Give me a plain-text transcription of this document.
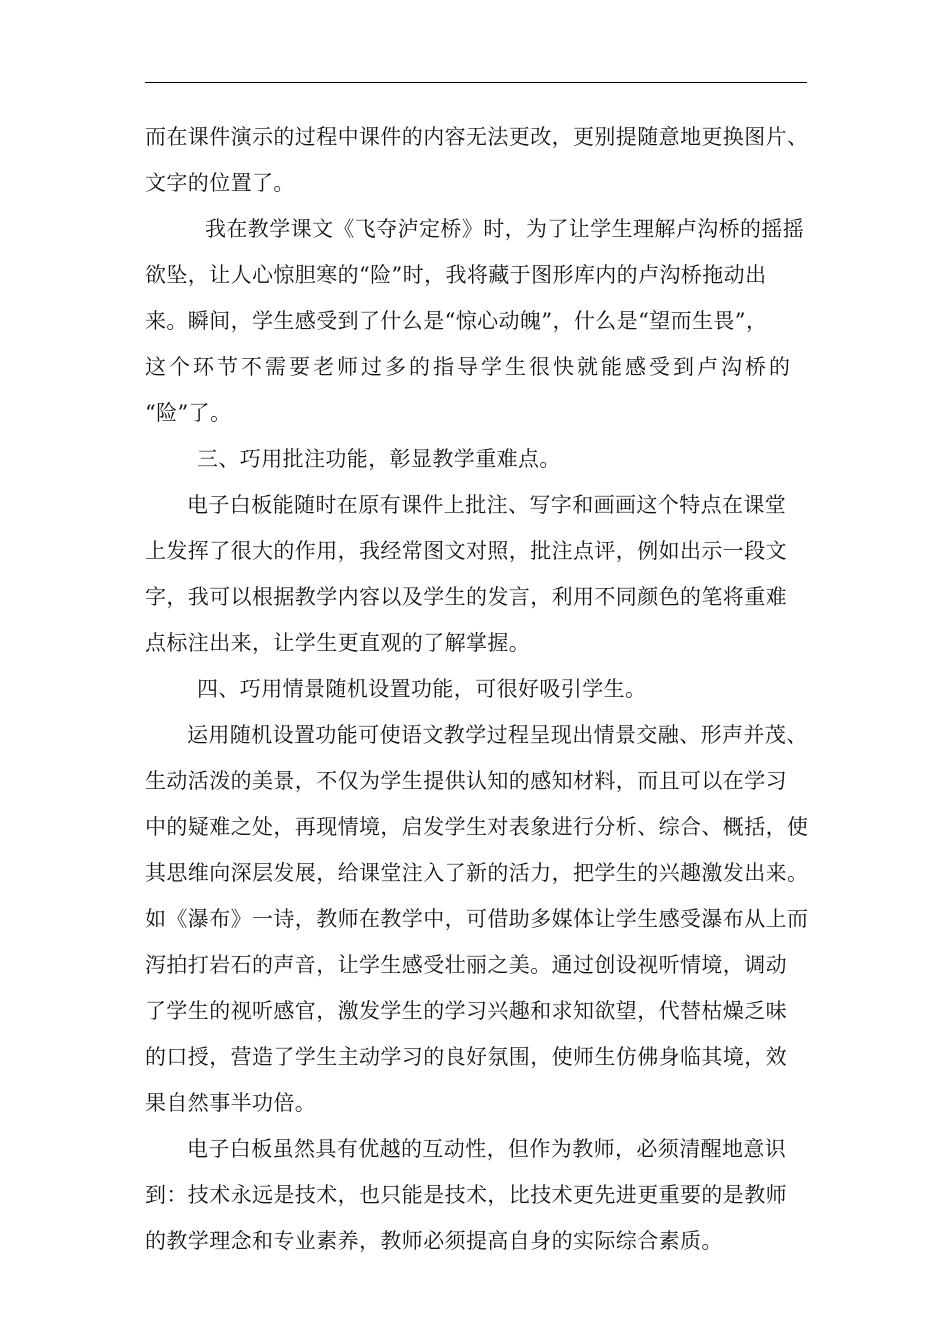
而在课件演示的过程中课件的内容无法更改，更别提随意地更换图片、
文字的位置了。
我在教学课文《飞夺泸定桥》时，为了让学生理解卢沟桥的摇摇
欲坠，让人心惊胆寒的“险”时，我将藏于图形库内的卢沟桥拖动出
来。瞬间，学生感受到了什么是“惊心动魄”，什么是“望而生畏”，
这个环节不需要老师过多的指导学生很快就能感受到卢沟桥的
“险”了。
三、巧用批注功能，彰显教学重难点。
电子白板能随时在原有课件上批注、写字和画画这个特点在课堂
上发挥了很大的作用，我经常图文对照，批注点评，例如出示一段文
字，我可以根据教学内容以及学生的发言，利用不同颜色的笔将重难
点标注出来，让学生更直观的了解掌握。
四、巧用情景随机设置功能，可很好吸引学生。
运用随机设置功能可使语文教学过程呈现出情景交融、形声并茂、
生动活泼的美景，不仅为学生提供认知的感知材料，而且可以在学习
中的疑难之处，再现情境，启发学生对表象进行分析、综合、概括，使
其思维向深层发展，给课堂注入了新的活力，把学生的兴趣激发出来。
如《瀑布》一诗，教师在教学中，可借助多媒体让学生感受瀑布从上而
泻拍打岩石的声音，让学生感受壮丽之美。通过创设视听情境，调动
了学生的视听感官，激发学生的学习兴趣和求知欲望，代替枯燥乏味
的口授，营造了学生主动学习的良好氛围，使师生仿佛身临其境，效
果自然事半功倍。
电子白板虽然具有优越的互动性，但作为教师，必须清醒地意识
到：技术永远是技术，也只能是技术，比技术更先进更重要的是教师
的教学理念和专业素养，教师必须提高自身的实际综合素质。
